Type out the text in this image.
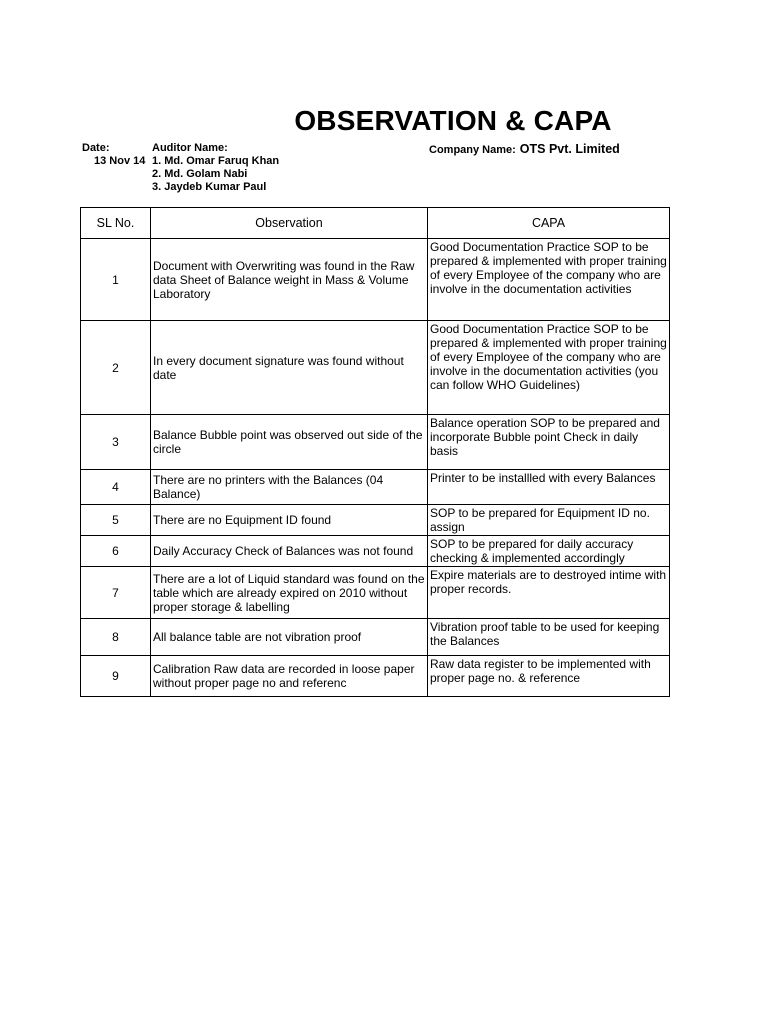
OBSERVATION & CAPA
Date:
13 Nov 14
Auditor Name:
1. Md. Omar Faruq Khan
2. Md. Golam Nabi
3. Jaydeb Kumar Paul
Company Name: OTS Pvt. Limited
SL No.	Observation	CAPA
1	Document with Overwriting was found in the Raw data Sheet of Balance weight in Mass & Volume Laboratory	Good Documentation Practice SOP to be prepared & implemented with proper training of every Employee of the company who are involve in the documentation activities
2	In every document signature was found without date	Good Documentation Practice SOP to be prepared & implemented with proper training of every Employee of the company who are involve in the documentation activities (you can follow WHO Guidelines)
3	Balance Bubble point was observed out side of the circle	Balance operation SOP to be prepared and incorporate Bubble point Check in daily basis
4	There are no printers with the Balances (04 Balance)	Printer to be installled with every Balances
5	There are no Equipment ID found	SOP to be prepared for Equipment ID no. assign
6	Daily Accuracy Check of Balances was not found	SOP to be prepared for daily accuracy checking & implemented accordingly
7	There are a lot of Liquid standard was found on the table which are already expired on 2010 without proper storage & labelling	Expire materials are to destroyed intime with proper records.
8	All balance table are not vibration proof	Vibration proof table to be used for keeping the Balances
9	Calibration Raw data are recorded in loose paper without proper page no and referenc	Raw data register to be implemented with proper page no. & reference
